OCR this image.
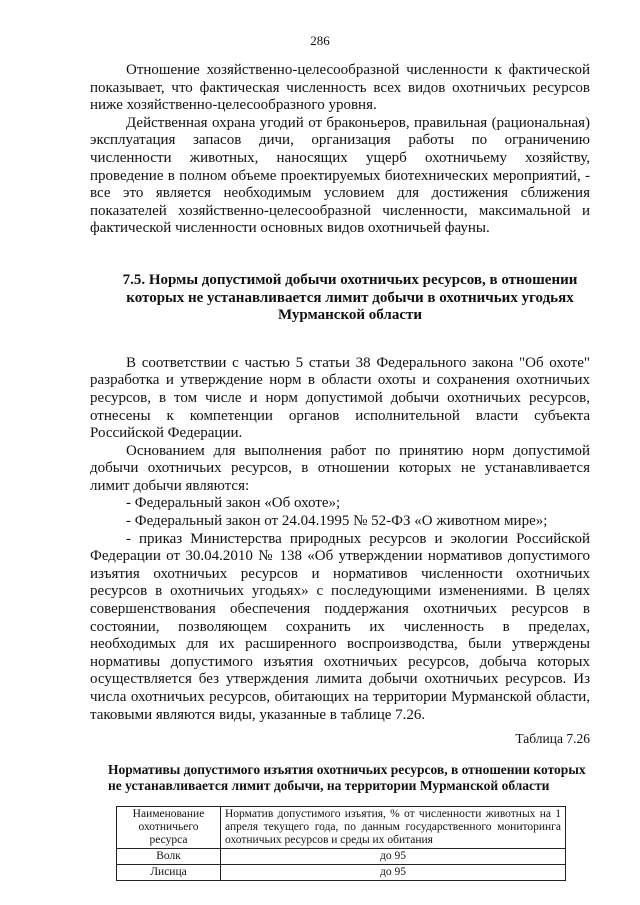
286

Отношение хозяйственно-целесообразной численности к фактической показывает, что фактическая численность всех видов охотничьих ресурсов ниже хозяйственно-целесообразного уровня.

Действенная охрана угодий от браконьеров, правильная (рациональная) эксплуатация запасов дичи, организация работы по ограничению численности животных, наносящих ущерб охотничьему хозяйству, проведение в полном объеме проектируемых биотехнических мероприятий, - все это является необходимым условием для достижения сближения показателей хозяйственно-целесообразной численности, максимальной и фактической численности основных видов охотничьей фауны.

7.5. Нормы допустимой добычи охотничьих ресурсов, в отношении которых не устанавливается лимит добычи в охотничьих угодьях Мурманской области

В соответствии с частью 5 статьи 38 Федерального закона "Об охоте" разработка и утверждение норм в области охоты и сохранения охотничьих ресурсов, в том числе и норм допустимой добычи охотничьих ресурсов, отнесены к компетенции органов исполнительной власти субъекта Российской Федерации.

Основанием для выполнения работ по принятию норм допустимой добычи охотничьих ресурсов, в отношении которых не устанавливается лимит добычи являются:

- Федеральный закон «Об охоте»;

- Федеральный закон от 24.04.1995 № 52-ФЗ «О животном мире»;

- приказ Министерства природных ресурсов и экологии Российской Федерации от 30.04.2010 № 138 «Об утверждении нормативов допустимого изъятия охотничьих ресурсов и нормативов численности охотничьих ресурсов в охотничьих угодьях» с последующими изменениями. В целях совершенствования обеспечения поддержания охотничьих ресурсов в состоянии, позволяющем сохранить их численность в пределах, необходимых для их расширенного воспроизводства, были утверждены нормативы допустимого изъятия охотничьих ресурсов, добыча которых осуществляется без утверждения лимита добычи охотничьих ресурсов. Из числа охотничьих ресурсов, обитающих на территории Мурманской области, таковыми являются виды, указанные в таблице 7.26.

Таблица 7.26
Нормативы допустимого изъятия охотничьих ресурсов, в отношении которых не устанавливается лимит добычи, на территории Мурманской области
Наименование охотничьего ресурса	Норматив допустимого изъятия, % от численности животных на 1 апреля текущего года, по данным государственного мониторинга охотничьих ресурсов и среды их обитания
Волк	до 95
Лисица	до 95
